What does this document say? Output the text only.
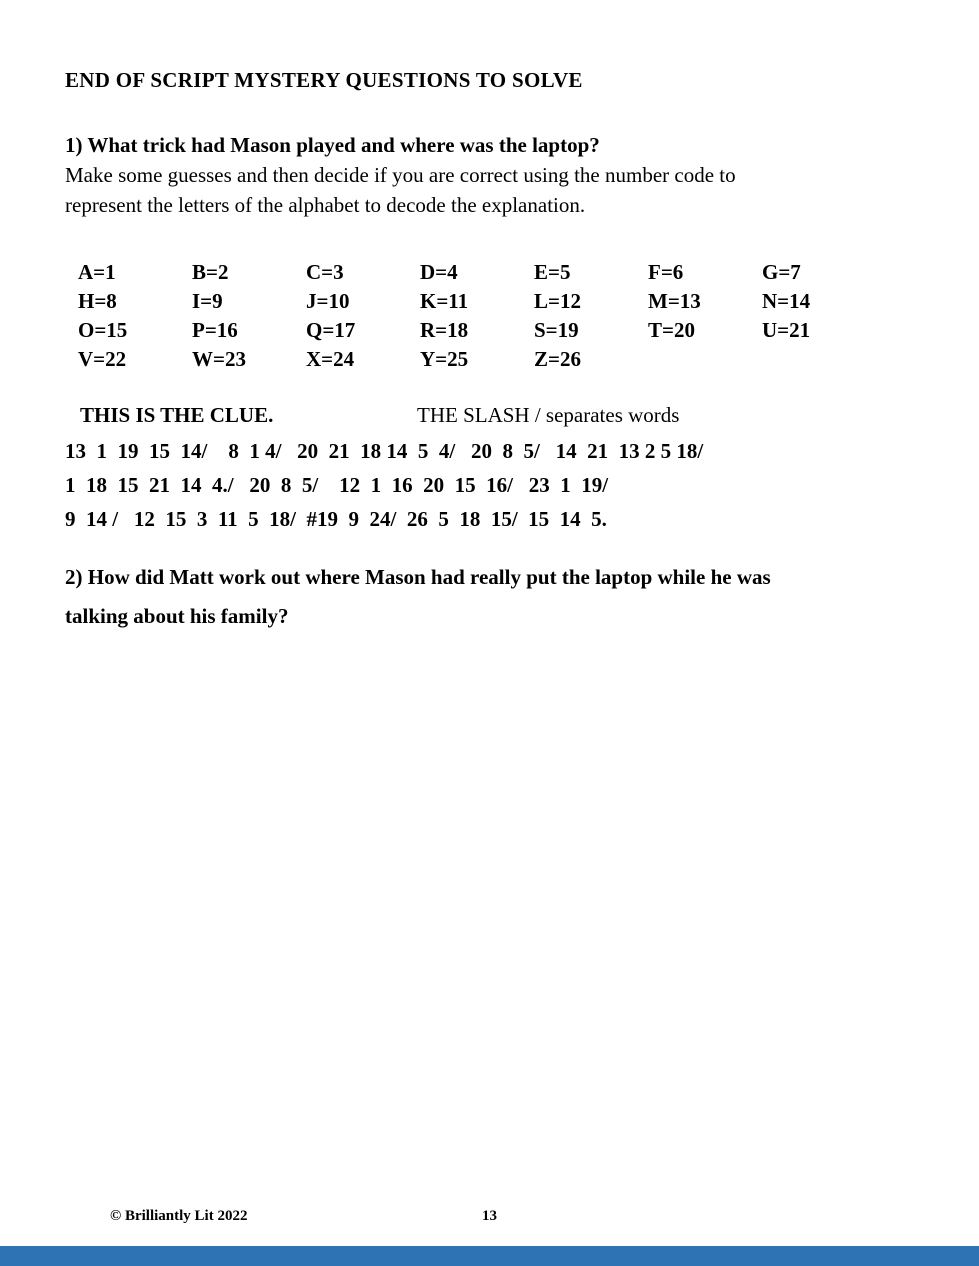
END OF SCRIPT MYSTERY QUESTIONS TO SOLVE

1) What trick had Mason played and where was the laptop?

Make some guesses and then decide if you are correct using the number code to

represent the letters of the alphabet to decode the explanation.

A=1	B=2	C=3	D=4	E=5	F=6	G=7
H=8	I=9	J=10	K=11	L=12	M=13	N=14
O=15	P=16	Q=17	R=18	S=19	T=20	U=21
V=22	W=23	X=24	Y=25	Z=26
THIS IS THE CLUE.	THE SLASH / separates words
13  1  19  15  14/    8  1 4/   20  21  18 14  5  4/   20  8  5/   14  21  13 2 5 18/
1  18  15  21  14  4./   20  8  5/    12  1  16  20  15  16/   23  1  19/
9  14 /   12  15  3  11  5  18/  #19  9  24/  26  5  18  15/  15  14  5.

2) How did Matt work out where Mason had really put the laptop while he was

talking about his family?

© Brilliantly Lit 2022	13
